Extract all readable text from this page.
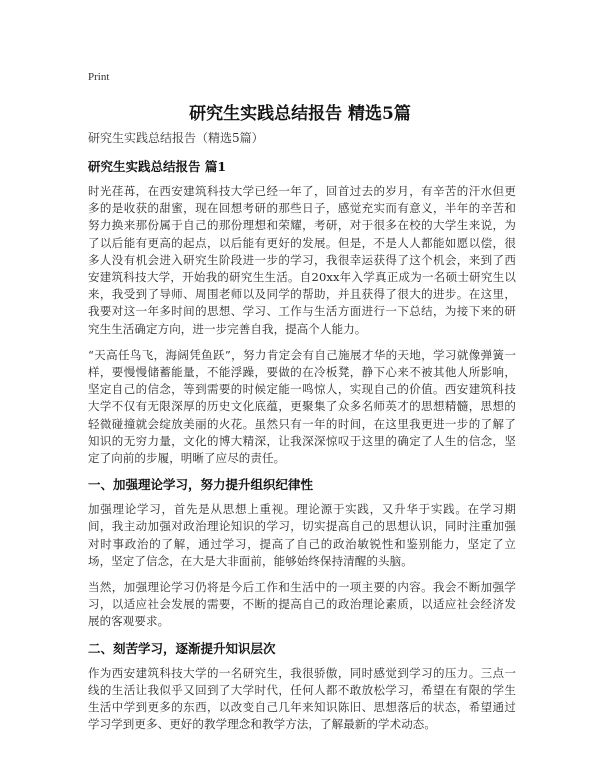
Print
研究生实践总结报告 精选5篇

研究生实践总结报告（精选5篇）

研究生实践总结报告 篇1

时光荏苒，在西安建筑科技大学已经一年了，回首过去的岁月，有辛苦的汗水但更多的是收获的甜蜜，现在回想考研的那些日子，感觉充实而有意义，半年的辛苦和努力换来那份属于自己的那份理想和荣耀，考研，对于很多在校的大学生来说，为了以后能有更高的起点，以后能有更好的发展。但是，不是人人都能如愿以偿，很多人没有机会进入研究生阶段进一步的学习，我很幸运获得了这个机会，来到了西安建筑科技大学，开始我的研究生生活。自20xx年入学真正成为一名硕士研究生以来，我受到了导师、周围老师以及同学的帮助，并且获得了很大的进步。在这里，我要对这一年多时间的思想、学习、工作与生活方面进行一下总结，为接下来的研究生生活确定方向，进一步完善自我，提高个人能力。

“天高任鸟飞，海阔凭鱼跃”，努力肯定会有自己施展才华的天地，学习就像弹簧一样，要慢慢储蓄能量，不能浮躁，要做的在冷板凳，静下心来不被其他人所影响，坚定自己的信念，等到需要的时候定能一鸣惊人，实现自己的价值。西安建筑科技大学不仅有无限深厚的历史文化底蕴，更聚集了众多名师英才的思想精髓，思想的轻微碰撞就会绽放美丽的火花。虽然只有一年的时间，在这里我更进一步的了解了知识的无穷力量，文化的博大精深，让我深深惊叹于这里的确定了人生的信念，坚定了向前的步履，明晰了应尽的责任。

一、加强理论学习，努力提升组织纪律性

加强理论学习，首先是从思想上重视。理论源于实践，又升华于实践。在学习期间，我主动加强对政治理论知识的学习，切实提高自己的思想认识，同时注重加强对时事政治的了解，通过学习，提高了自己的政治敏锐性和鉴别能力，坚定了立场，坚定了信念，在大是大非面前，能够始终保持清醒的头脑。

当然，加强理论学习仍将是今后工作和生活中的一项主要的内容。我会不断加强学习，以适应社会发展的需要，不断的提高自己的政治理论素质，以适应社会经济发展的客观要求。

二、刻苦学习，逐渐提升知识层次

作为西安建筑科技大学的一名研究生，我很骄傲，同时感觉到学习的压力。三点一线的生活让我似乎又回到了大学时代，任何人都不敢放松学习，希望在有限的学生生活中学到更多的东西，以改变自己几年来知识陈旧、思想落后的状态，希望通过学习学到更多、更好的教学理念和教学方法，了解最新的学术动态。
